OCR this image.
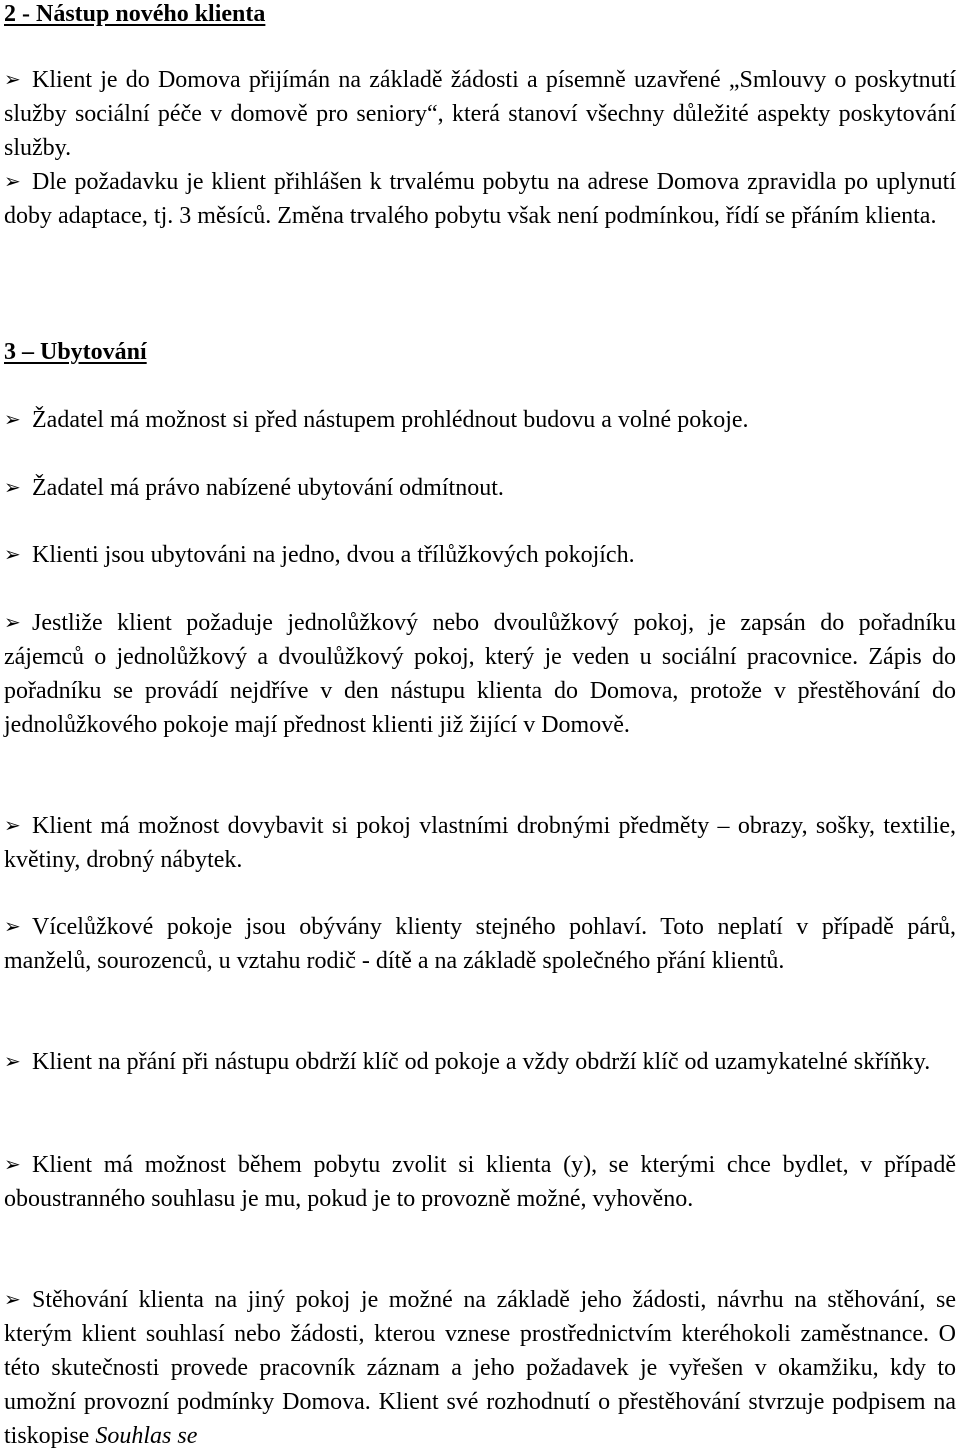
2 - Nástup nového klienta

➢ Klient je do Domova přijímán na základě žádosti a písemně uzavřené „Smlouvy o poskytnutí služby sociální péče v domově pro seniory“, která stanoví všechny důležité aspekty poskytování služby.

➢ Dle požadavku je klient přihlášen k trvalému pobytu na adrese Domova zpravidla po uplynutí doby adaptace, tj. 3 měsíců. Změna trvalého pobytu však není podmínkou, řídí se přáním klienta.

3 – Ubytování

➢ Žadatel má možnost si před nástupem prohlédnout budovu a volné pokoje.

➢ Žadatel má právo nabízené ubytování odmítnout.

➢ Klienti jsou ubytováni na jedno, dvou a třílůžkových pokojích.

➢ Jestliže klient požaduje jednolůžkový nebo dvoulůžkový pokoj, je zapsán do pořadníku zájemců o jednolůžkový a dvoulůžkový pokoj, který je veden u sociální pracovnice. Zápis do pořadníku se provádí nejdříve v den nástupu klienta do Domova, protože v přestěhování do jednolůžkového pokoje mají přednost klienti již žijící v Domově.

➢ Klient má možnost dovybavit si pokoj vlastními drobnými předměty – obrazy, sošky, textilie, květiny, drobný nábytek.

➢ Vícelůžkové pokoje jsou obývány klienty stejného pohlaví. Toto neplatí v případě párů, manželů, sourozenců, u vztahu rodič - dítě a na základě společného přání klientů.

➢ Klient na přání při nástupu obdrží klíč od pokoje a vždy obdrží klíč od uzamykatelné skříňky.

➢ Klient má možnost během pobytu zvolit si klienta (y), se kterými chce bydlet, v případě oboustranného souhlasu je mu, pokud je to provozně možné, vyhověno.

➢ Stěhování klienta na jiný pokoj je možné na základě jeho žádosti, návrhu na stěhování, se kterým klient souhlasí nebo žádosti, kterou vznese prostřednictvím kteréhokoli zaměstnance. O této skutečnosti provede pracovník záznam a jeho požadavek je vyřešen v okamžiku, kdy to umožní provozní podmínky Domova. Klient své rozhodnutí o přestěhování stvrzuje podpisem na tiskopise Souhlas se
